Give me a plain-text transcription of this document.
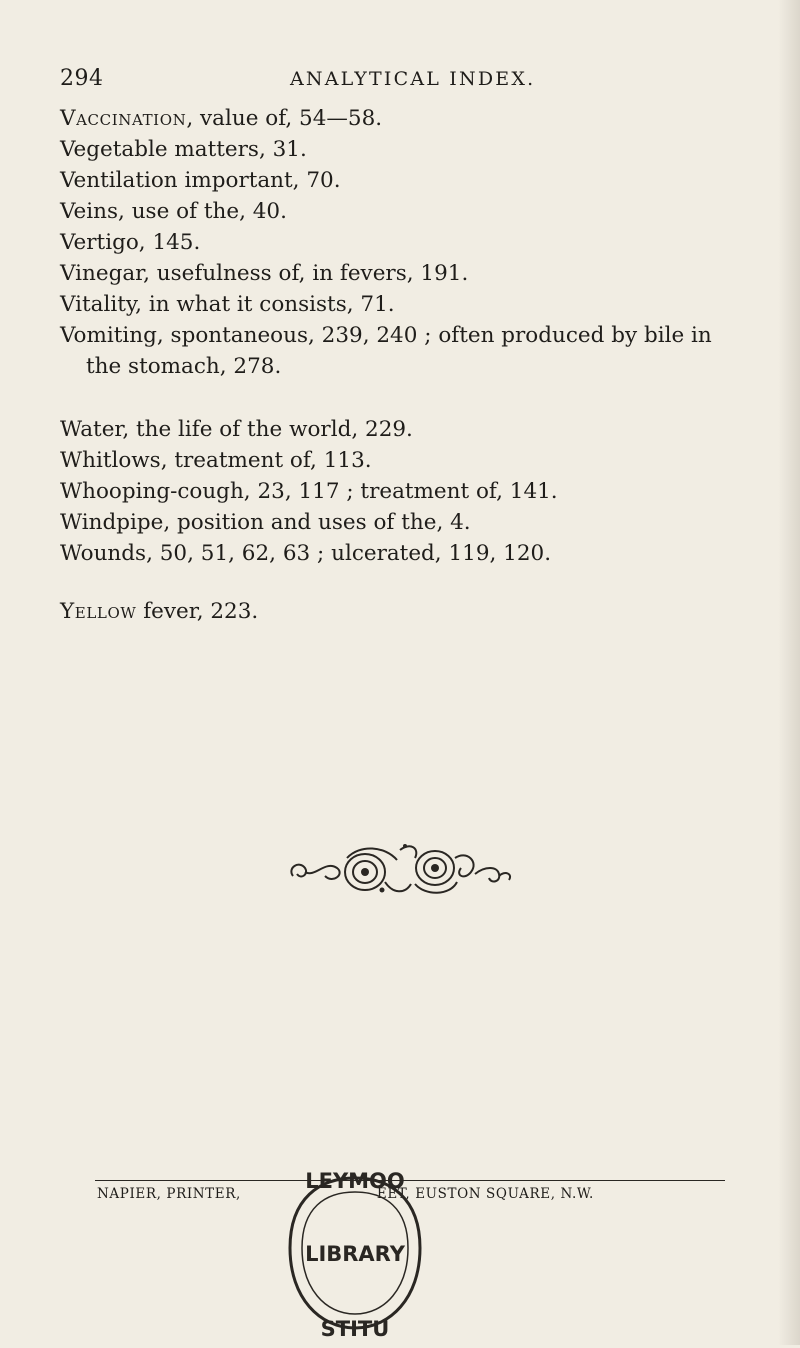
294	ANALYTICAL INDEX.

Vaccination, value of, 54—58.

Vegetable matters, 31.

Ventilation important, 70.

Veins, use of the, 40.

Vertigo, 145.

Vinegar, usefulness of, in fevers, 191.

Vitality, in what it consists, 71.

Vomiting, spontaneous, 239, 240 ; often produced by bile in the stomach, 278.

Water, the life of the world, 229.

Whitlows, treatment of, 113.

Whooping-cough, 23, 117 ; treatment of, 141.

Windpipe, position and uses of the, 4.

Wounds, 50, 51, 62, 63 ; ulcerated, 119, 120.

Yellow fever, 223.

NAPIER, PRINTER,	EET, EUSTON SQUARE, N.W.
LEYMOO
LIBRARY
STITU
